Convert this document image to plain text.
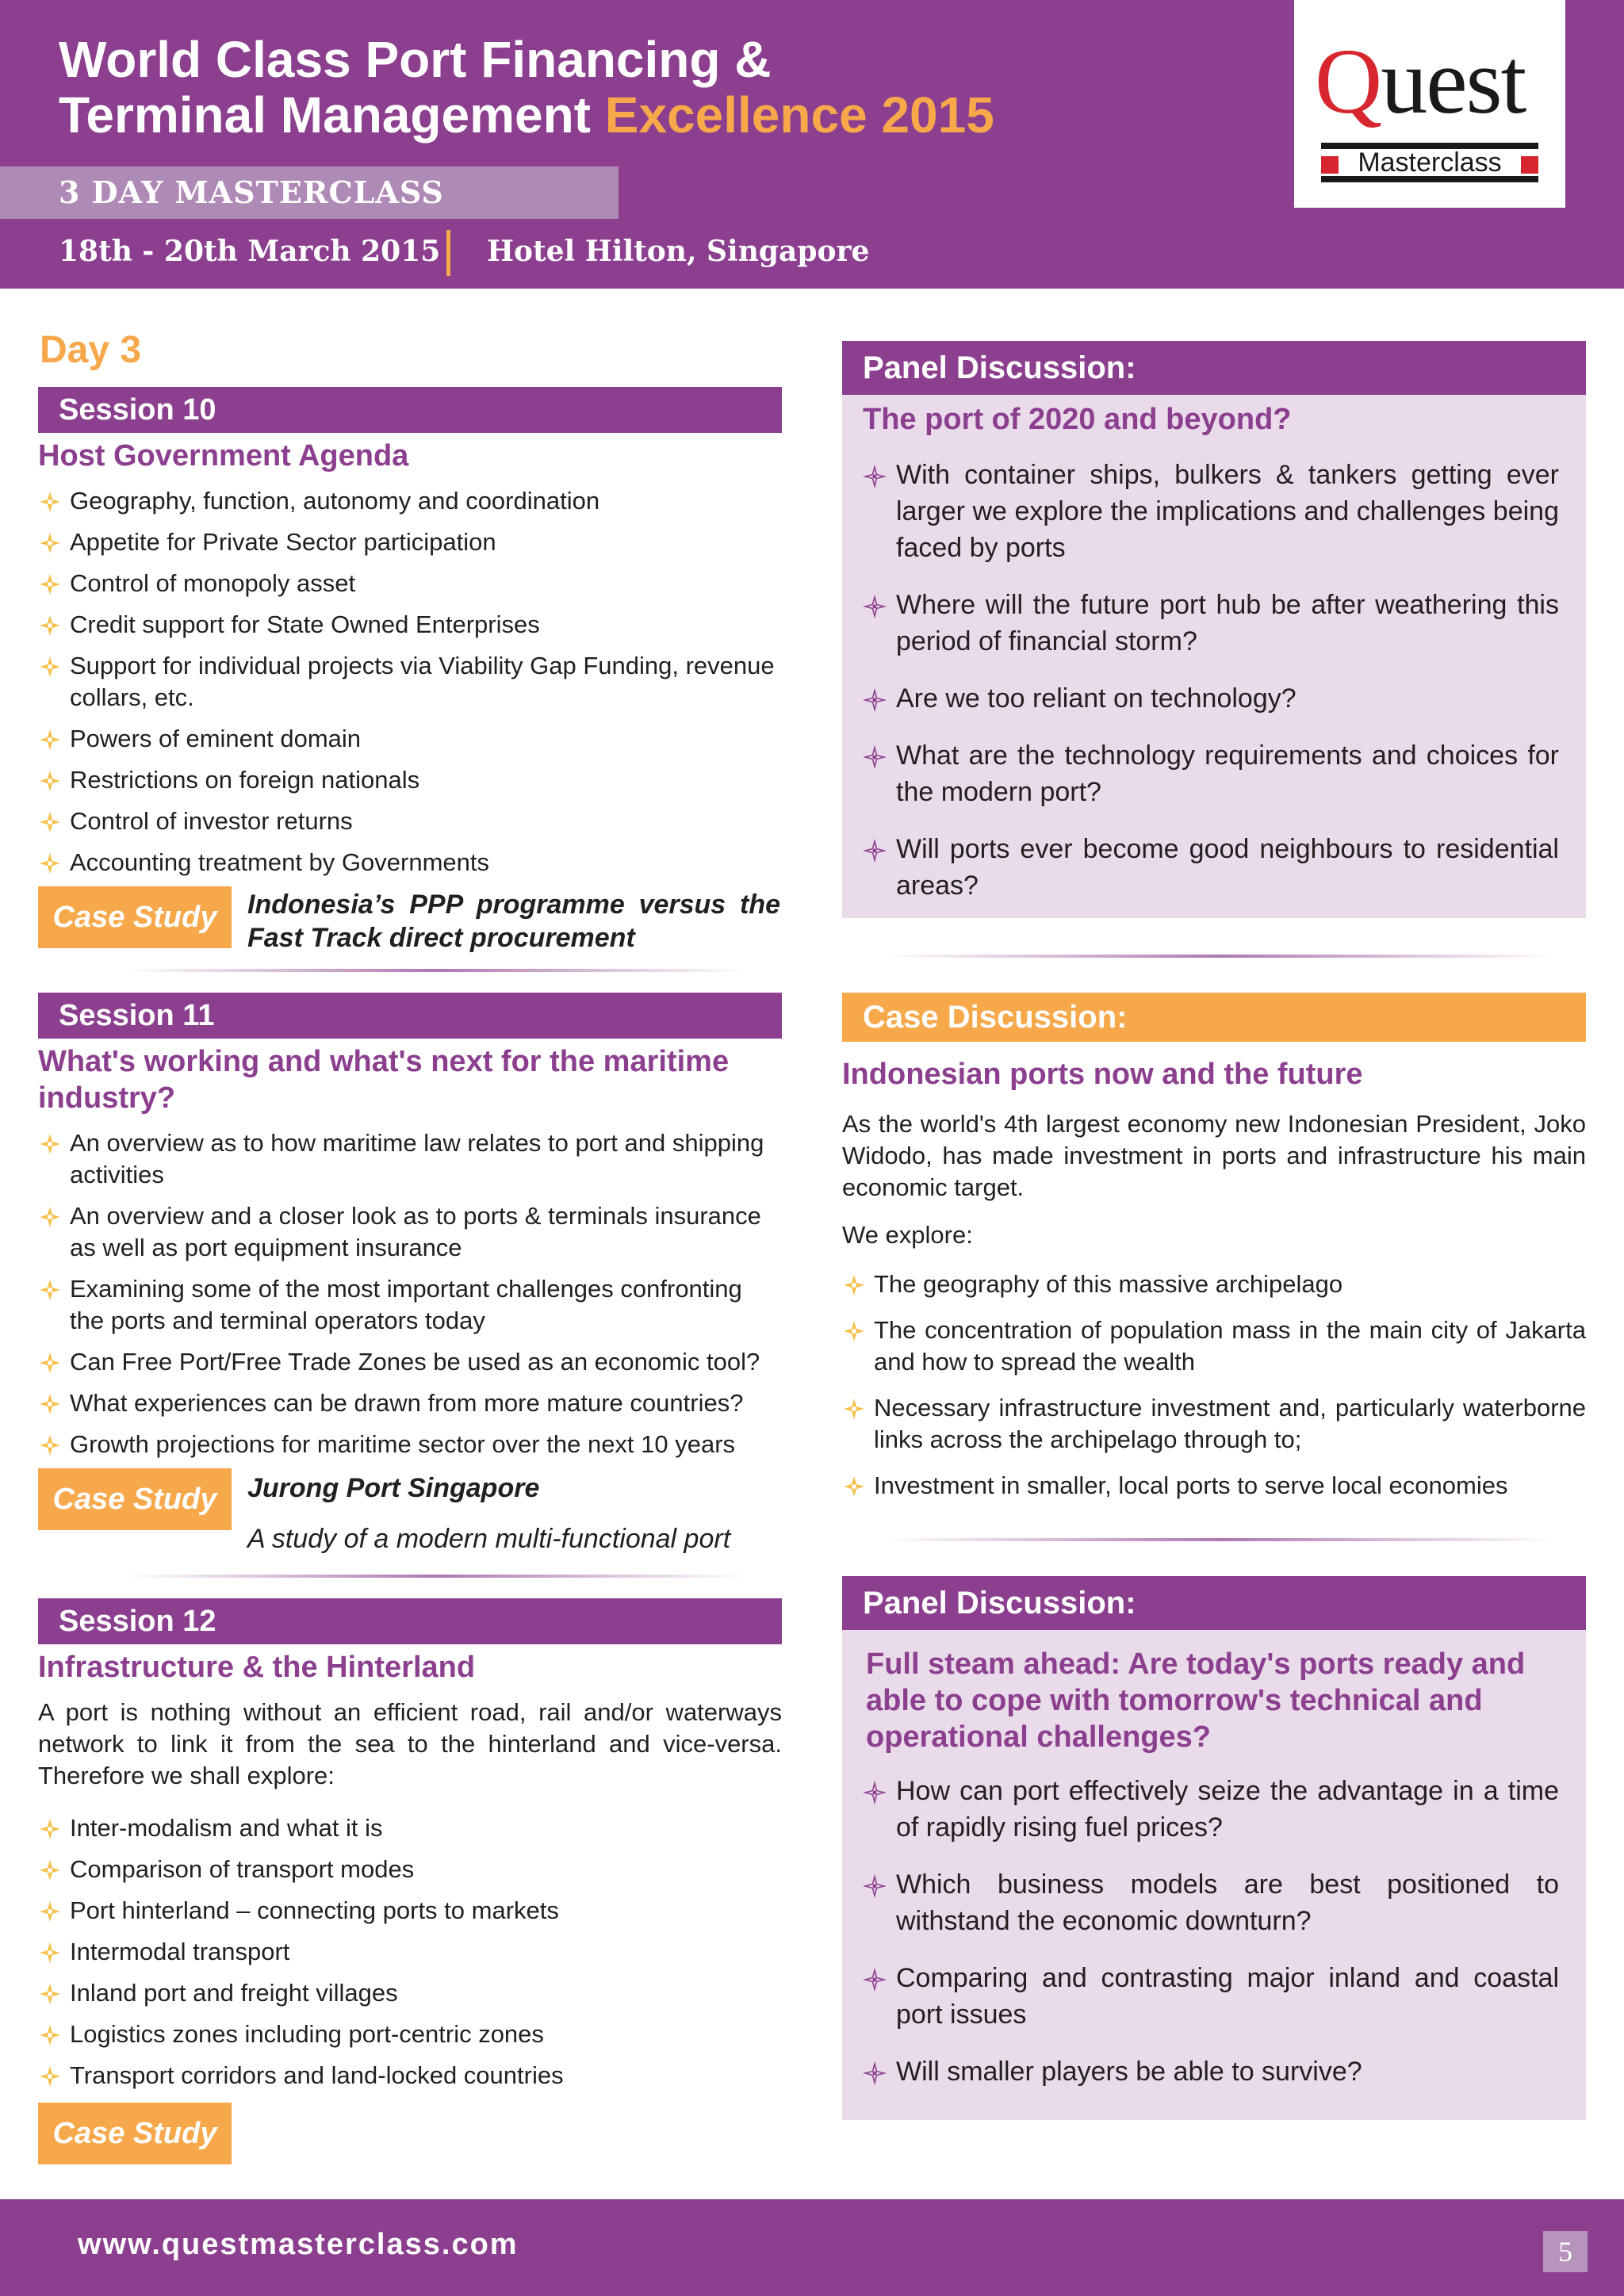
World Class Port Financing &
Terminal Management Excellence 2015
3 DAY MASTERCLASS
18th - 20th March 2015 Hotel Hilton, Singapore
Quest
Masterclass
Day 3
Session 10
Host Government Agenda
Geography, function, autonomy and coordination
Appetite for Private Sector participation
Control of monopoly asset
Credit support for State Owned Enterprises
Support for individual projects via Viability Gap Funding, revenue collars, etc.
Powers of eminent domain
Restrictions on foreign nationals
Control of investor returns
Accounting treatment by Governments
Case Study	Indonesia’s PPP programme versus the Fast Track direct procurement
Session 11
What's working and what's next for the maritime industry?
An overview as to how maritime law relates to port and shipping activities
An overview and a closer look as to ports & terminals insurance as well as port equipment insurance
Examining some of the most important challenges confronting the ports and terminal operators today
Can Free Port/Free Trade Zones be used as an economic tool?
What experiences can be drawn from more mature countries?
Growth projections for maritime sector over the next 10 years
Case Study	Jurong Port Singapore
A study of a modern multi-functional port
Session 12
Infrastructure & the Hinterland
A port is nothing without an efficient road, rail and/or waterways network to link it from the sea to the hinterland and vice-versa. Therefore we shall explore:
Inter-modalism and what it is
Comparison of transport modes
Port hinterland – connecting ports to markets
Intermodal transport
Inland port and freight villages
Logistics zones including port-centric zones
Transport corridors and land-locked countries
Case Study
Panel Discussion:
The port of 2020 and beyond?
With container ships, bulkers & tankers getting ever larger we explore the implications and challenges being faced by ports
Where will the future port hub be after weathering this period of financial storm?
Are we too reliant on technology?
What are the technology requirements and choices for the modern port?
Will ports ever become good neighbours to residential areas?
Case Discussion:
Indonesian ports now and the future
As the world's 4th largest economy new Indonesian President, Joko Widodo, has made investment in ports and infrastructure his main economic target.
We explore:
The geography of this massive archipelago
The concentration of population mass in the main city of Jakarta and how to spread the wealth
Necessary infrastructure investment and, particularly waterborne links across the archipelago through to;
Investment in smaller, local ports to serve local economies
Panel Discussion:
Full steam ahead: Are today's ports ready and able to cope with tomorrow's technical and operational challenges?
How can port effectively seize the advantage in a time of rapidly rising fuel prices?
Which business models are best positioned to withstand the economic downturn?
Comparing and contrasting major inland and coastal port issues
Will smaller players be able to survive?
www.questmasterclass.com	5
